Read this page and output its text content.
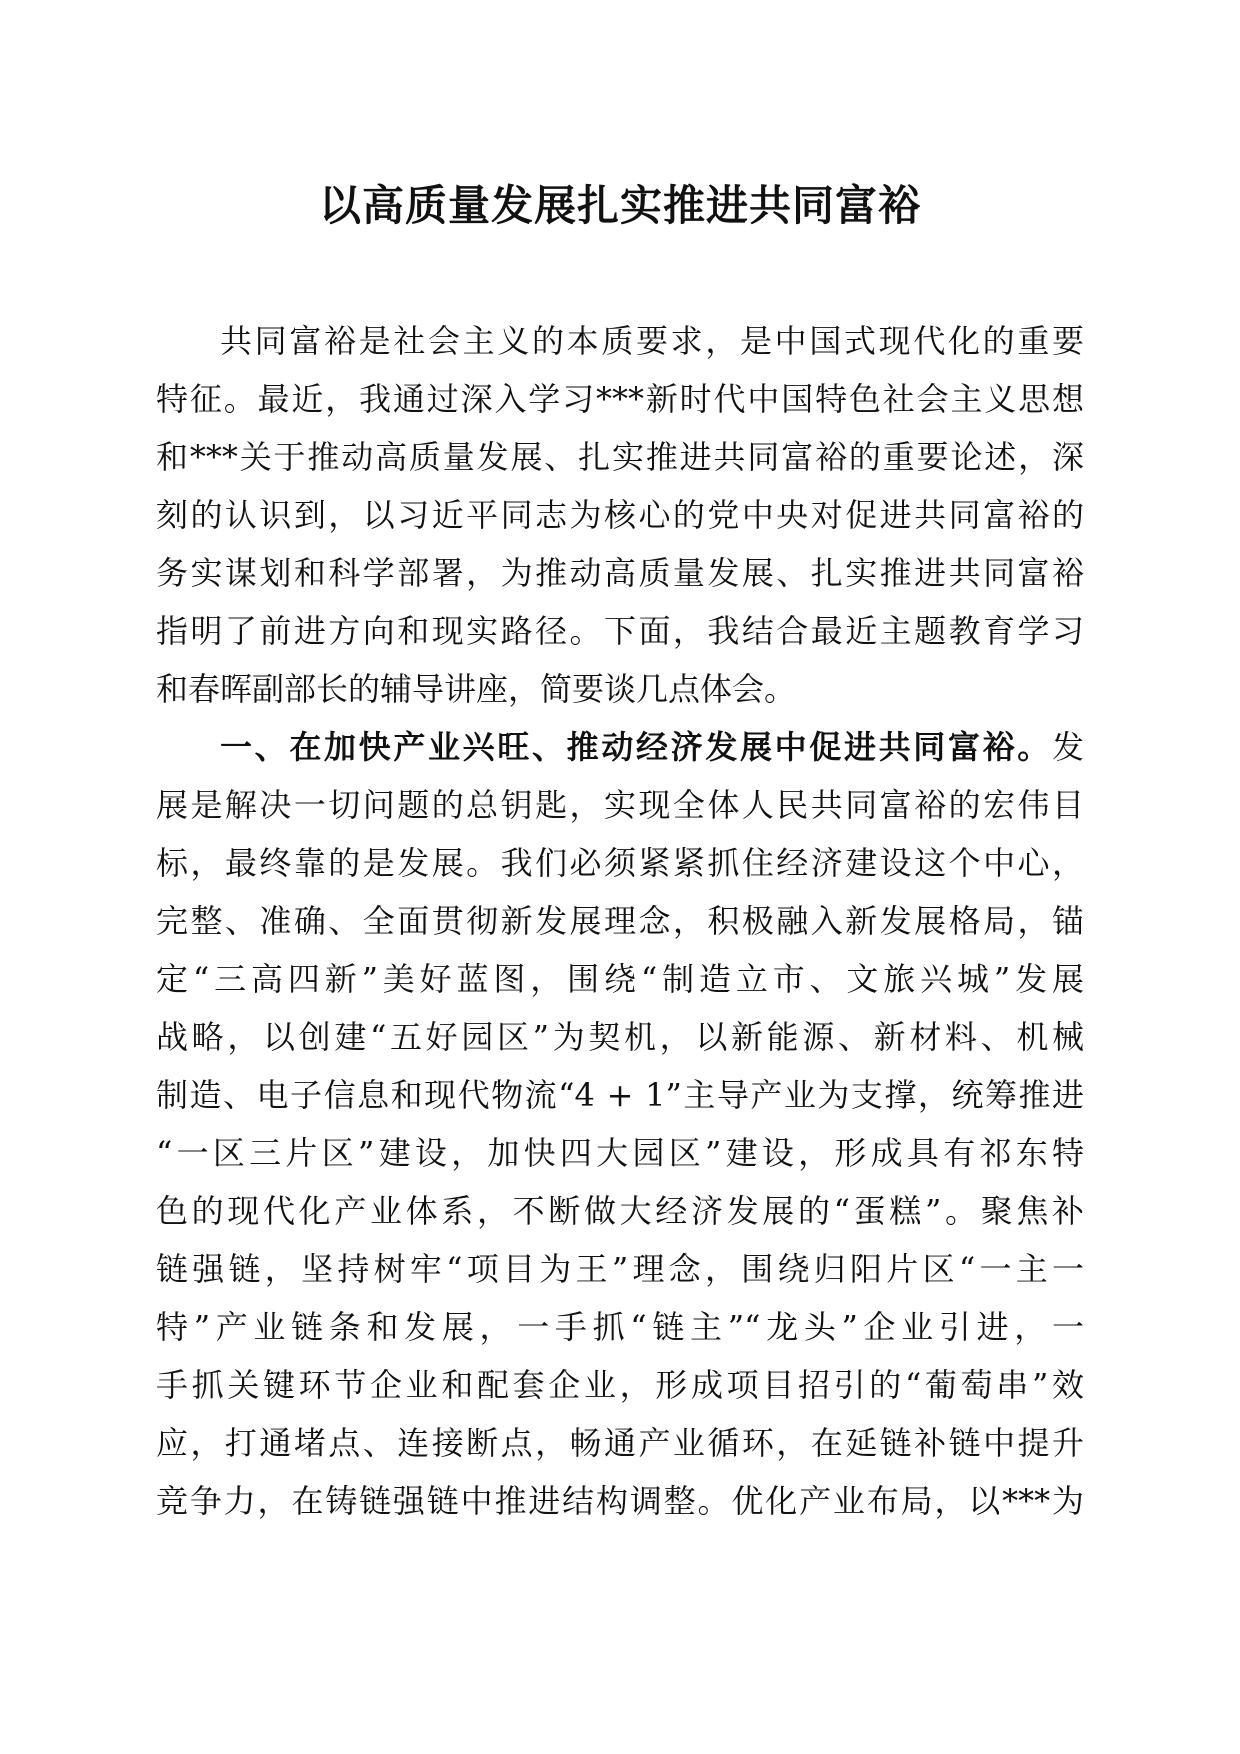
以高质量发展扎实推进共同富裕
共同富裕是社会主义的本质要求，是中国式现代化的重要
特征。最近，我通过深入学习***新时代中国特色社会主义思想
和***关于推动高质量发展、扎实推进共同富裕的重要论述，深
刻的认识到，以习近平同志为核心的党中央对促进共同富裕的
务实谋划和科学部署，为推动高质量发展、扎实推进共同富裕
指明了前进方向和现实路径。下面，我结合最近主题教育学习
和春晖副部长的辅导讲座，简要谈几点体会。
一、在加快产业兴旺、推动经济发展中促进共同富裕。发
展是解决一切问题的总钥匙，实现全体人民共同富裕的宏伟目
标，最终靠的是发展。我们必须紧紧抓住经济建设这个中心，
完整、准确、全面贯彻新发展理念，积极融入新发展格局，锚
定“三高四新”美好蓝图，围绕“制造立市、文旅兴城”发展
战略，以创建“五好园区”为契机，以新能源、新材料、机械
制造、电子信息和现代物流“4 + 1”主导产业为支撑，统筹推进
“一区三片区”建设，加快四大园区”建设，形成具有祁东特
色的现代化产业体系，不断做大经济发展的“蛋糕”。聚焦补
链强链，坚持树牢“项目为王”理念，围绕归阳片区“一主一
特”产业链条和发展，一手抓“链主”“龙头”企业引进，一
手抓关键环节企业和配套企业，形成项目招引的“葡萄串”效
应，打通堵点、连接断点，畅通产业循环，在延链补链中提升
竞争力，在铸链强链中推进结构调整。优化产业布局，以***为
